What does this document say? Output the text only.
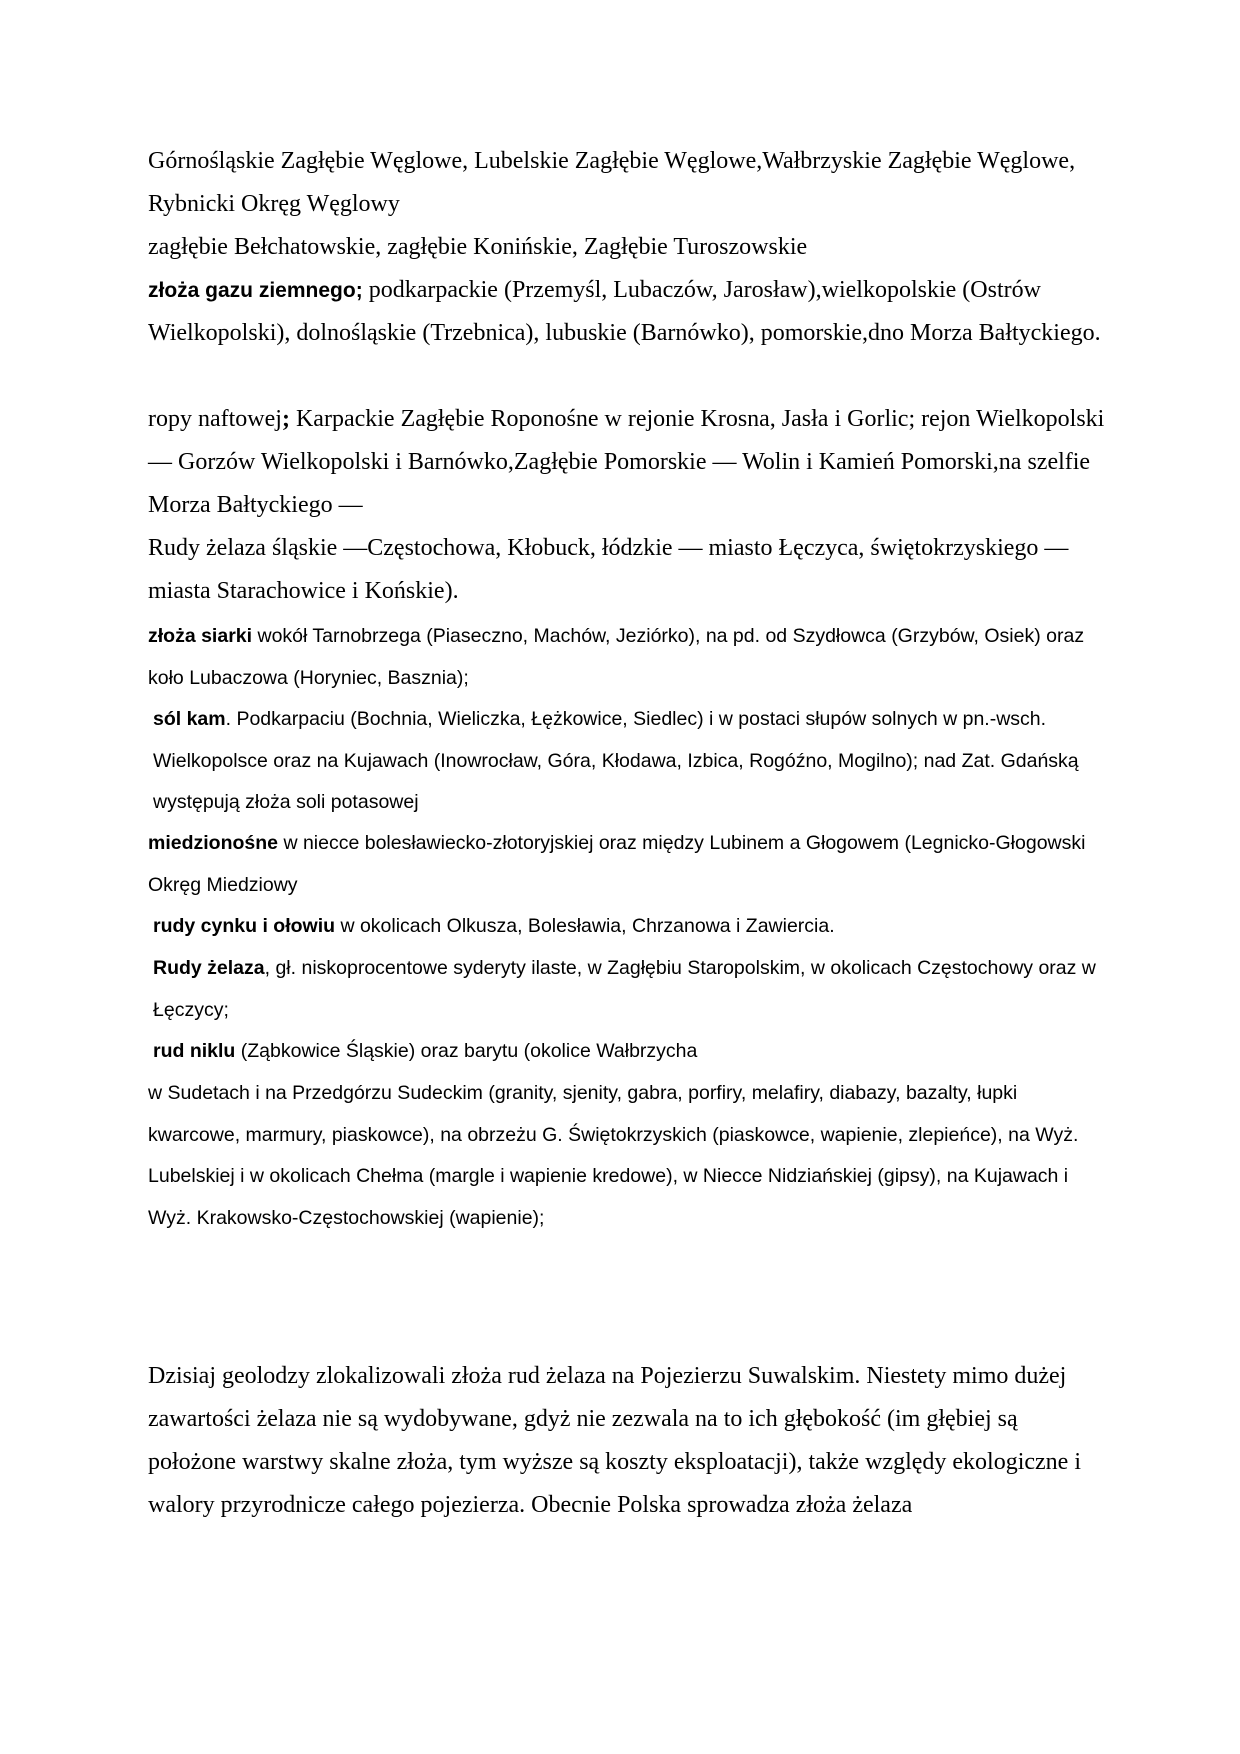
Górnośląskie Zagłębie Węglowe, Lubelskie Zagłębie Węglowe,Wałbrzyskie Zagłębie Węglowe, Rybnicki Okręg Węglowy

zagłębie Bełchatowskie, zagłębie Konińskie, Zagłębie Turoszowskie

złoża gazu ziemnego; podkarpackie (Przemyśl, Lubaczów, Jarosław),wielkopolskie (Ostrów Wielkopolski), dolnośląskie (Trzebnica), lubuskie (Barnówko), pomorskie,dno Morza Bałtyckiego.

ropy naftowej; Karpackie Zagłębie Roponośne w rejonie Krosna, Jasła i Gorlic; rejon Wielkopolski — Gorzów Wielkopolski i Barnówko,Zagłębie Pomorskie — Wolin i Kamień Pomorski,na szelfie Morza Bałtyckiego —

Rudy żelaza śląskie —Częstochowa, Kłobuck, łódzkie — miasto Łęczyca, świętokrzyskiego — miasta Starachowice i Końskie).

złoża siarki wokół Tarnobrzega (Piaseczno, Machów, Jeziórko), na pd. od Szydłowca (Grzybów, Osiek) oraz koło Lubaczowa (Horyniec, Basznia);

sól kam. Podkarpaciu (Bochnia, Wieliczka, Łężkowice, Siedlec) i w postaci słupów solnych w pn.-wsch. Wielkopolsce oraz na Kujawach (Inowrocław, Góra, Kłodawa, Izbica, Rogóźno, Mogilno); nad Zat. Gdańską występują złoża soli potasowej

miedzionośne w niecce bolesławiecko-złotoryjskiej oraz między Lubinem a Głogowem (Legnicko-Głogowski Okręg Miedziowy

rudy cynku i ołowiu w okolicach Olkusza, Bolesławia, Chrzanowa i Zawiercia.

Rudy żelaza, gł. niskoprocentowe syderyty ilaste, w Zagłębiu Staropolskim, w okolicach Częstochowy oraz w Łęczycy;

rud niklu (Ząbkowice Śląskie) oraz barytu (okolice Wałbrzycha

w Sudetach i na Przedgórzu Sudeckim (granity, sjenity, gabra, porfiry, melafiry, diabazy, bazalty, łupki kwarcowe, marmury, piaskowce), na obrzeżu G. Świętokrzyskich (piaskowce, wapienie, zlepieńce), na Wyż. Lubelskiej i w okolicach Chełma (margle i wapienie kredowe), w Niecce Nidziańskiej (gipsy), na Kujawach i Wyż. Krakowsko-Częstochowskiej (wapienie);

Dzisiaj geolodzy zlokalizowali złoża rud żelaza na Pojezierzu Suwalskim. Niestety mimo dużej zawartości żelaza nie są wydobywane, gdyż nie zezwala na to ich głębokość (im głębiej są położone warstwy skalne złoża, tym wyższe są koszty eksploatacji), także względy ekologiczne i walory przyrodnicze całego pojezierza. Obecnie Polska sprowadza złoża żelaza
